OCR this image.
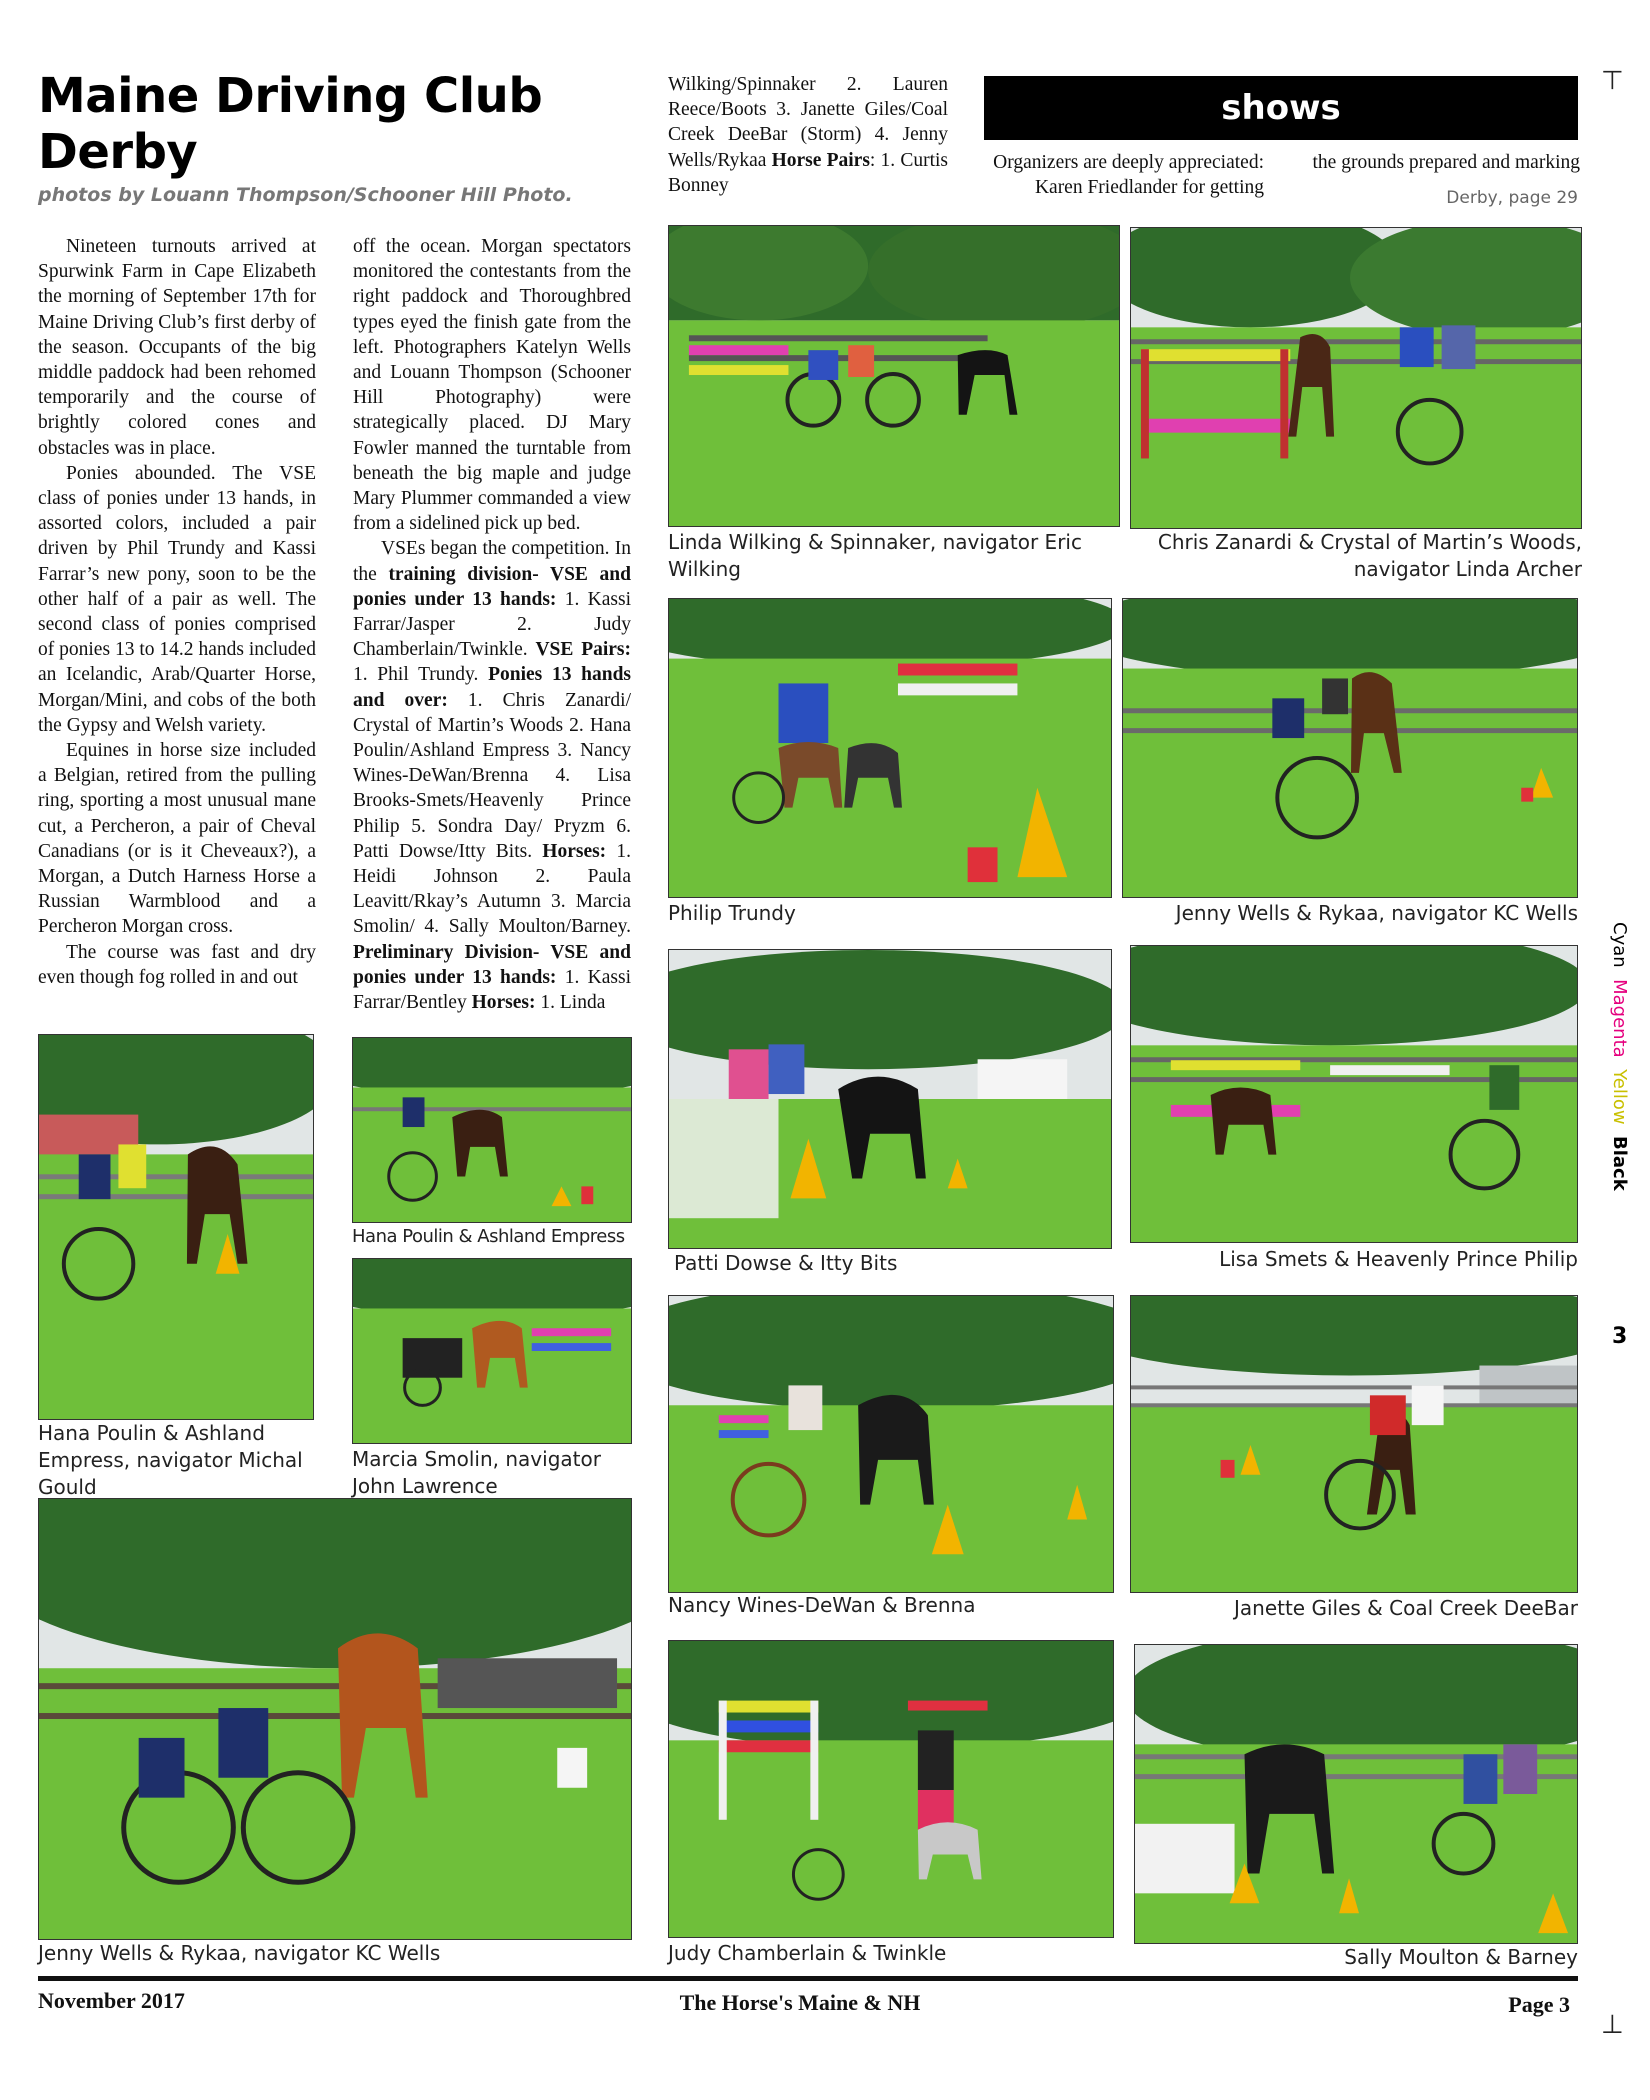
⊤
⊥
Maine Driving Club
Derby
photos by Louann Thompson/Schooner Hill Photo.

Nineteen turnouts arrived at Spurwink Farm in Cape Elizabeth the morning of September 17th for Maine Driving Club’s first derby of the season. Occupants of the big middle paddock had been rehomed temporarily and the course of brightly colored cones and obstacles was in place.

Ponies abounded. The VSE class of ponies under 13 hands, in assorted colors, included a pair driven by Phil Trundy and Kassi Farrar’s new pony, soon to be the other half of a pair as well. The second class of ponies comprised of ponies 13 to 14.2 hands included an Icelandic, Arab/Quarter Horse, Morgan/Mini, and cobs of the both the Gypsy and Welsh variety.

Equines in horse size included a Belgian, retired from the pulling ring, sporting a most unusual mane cut, a Percheron, a pair of Cheval Canadians (or is it Cheveaux?), a Morgan, a Dutch Harness Horse a Russian Warmblood and a Percheron Morgan cross.

The course was fast and dry even though fog rolled in and out

off the ocean. Morgan spectators monitored the contestants from the right paddock and Thoroughbred types eyed the finish gate from the left. Photographers Katelyn Wells and Louann Thompson (Schooner Hill Photography) were strategically placed. DJ Mary Fowler manned the turntable from beneath the big maple and judge Mary Plummer commanded a view from a sidelined pick up bed.

VSEs began the competition. In the training division- VSE and ponies under 13 hands: 1. Kassi Farrar/Jasper 2. Judy Chamberlain/Twinkle. VSE Pairs: 1. Phil Trundy. Ponies 13 hands and over: 1. Chris Zanardi/ Crystal of Martin’s Woods 2. Hana Poulin/Ashland Empress 3. Nancy Wines-DeWan/Brenna 4. Lisa Brooks-Smets/Heavenly Prince Philip 5. Sondra Day/ Pryzm 6. Patti Dowse/Itty Bits. Horses: 1. Heidi Johnson 2. Paula Leavitt/Rkay’s Autumn 3. Marcia Smolin/ 4. Sally Moulton/Barney. Preliminary Division- VSE and ponies under 13 hands: 1. Kassi Farrar/Bentley Horses: 1. Linda

Wilking/Spinnaker 2. Lauren Reece/Boots 3. Janette Giles/Coal Creek DeeBar (Storm) 4. Jenny Wells/Rykaa Horse Pairs: 1. Curtis Bonney

shows
Organizers are deeply appreciated: Karen Friedlander for getting
the grounds prepared and marking
Derby, page 29
Linda Wilking & Spinnaker, navigator Eric Wilking
Chris Zanardi & Crystal of Martin’s Woods, navigator Linda Archer
Philip Trundy	Jenny Wells & Rykaa, navigator KC Wells
Hana Poulin & Ashland Empress, navigator Michal Gould
Hana Poulin & Ashland Empress
Marcia Smolin, navigator John Lawrence
Patti Dowse & Itty Bits	Lisa Smets & Heavenly Prince Philip
Nancy Wines-DeWan & Brenna	Janette Giles & Coal Creek DeeBar
Jenny Wells & Rykaa, navigator KC Wells	Judy Chamberlain & Twinkle	Sally Moulton & Barney
Cyan  Magenta  Yellow  Black
3
November 2017	The Horse's Maine & NH	Page 3
